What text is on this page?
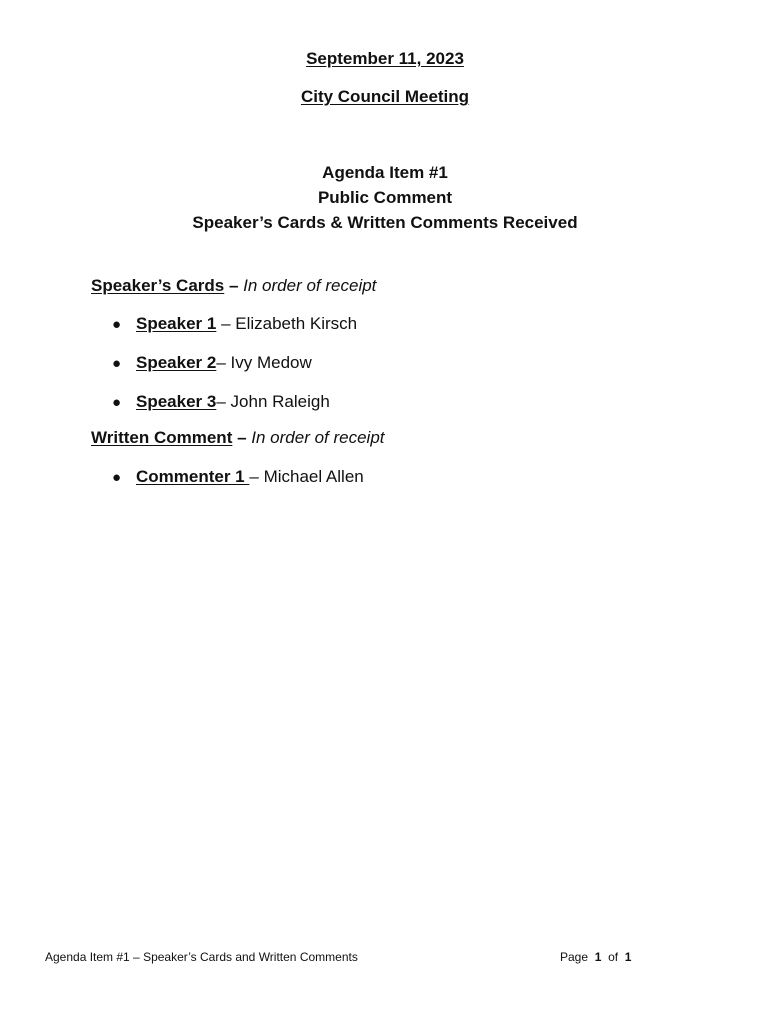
September 11, 2023
City Council Meeting
Agenda Item #1
Public Comment
Speaker’s Cards & Written Comments Received
Speaker’s Cards – In order of receipt
● Speaker 1 – Elizabeth Kirsch
● Speaker 2– Ivy Medow
● Speaker 3– John Raleigh
Written Comment – In order of receipt
● Commenter 1 – Michael Allen
Agenda Item #1 – Speaker’s Cards and Written Comments	Page 1 of 1
